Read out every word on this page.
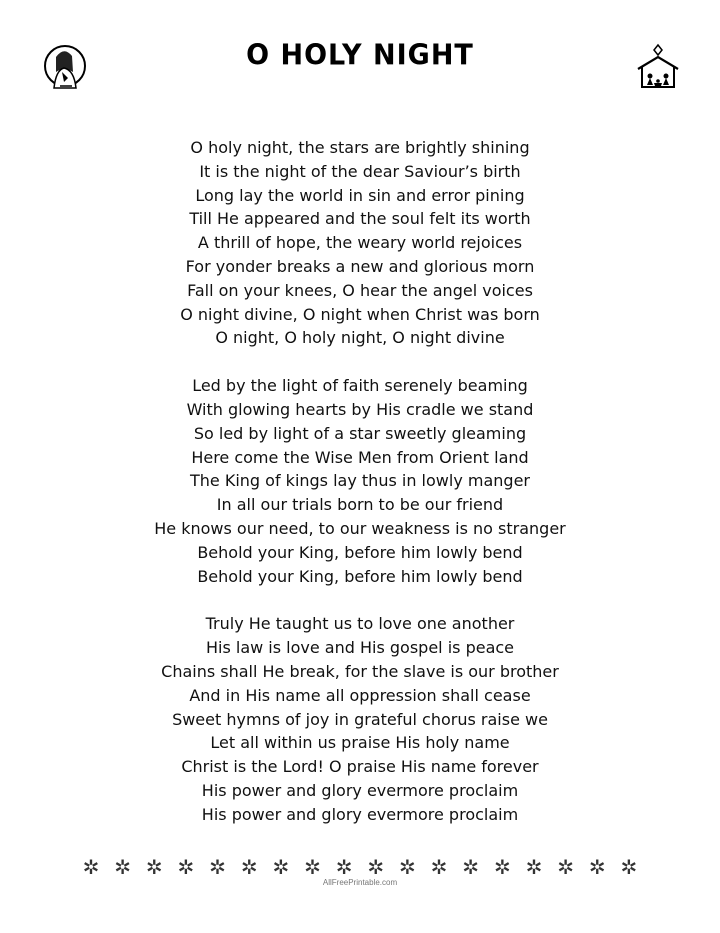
O HOLY NIGHT
O holy night, the stars are brightly shining
It is the night of the dear Saviour’s birth
Long lay the world in sin and error pining
Till He appeared and the soul felt its worth
A thrill of hope, the weary world rejoices
For yonder breaks a new and glorious morn
Fall on your knees, O hear the angel voices
O night divine, O night when Christ was born
O night, O holy night, O night divine
Led by the light of faith serenely beaming
With glowing hearts by His cradle we stand
So led by light of a star sweetly gleaming
Here come the Wise Men from Orient land
The King of kings lay thus in lowly manger
In all our trials born to be our friend
He knows our need, to our weakness is no stranger
Behold your King, before him lowly bend
Behold your King, before him lowly bend
Truly He taught us to love one another
His law is love and His gospel is peace
Chains shall He break, for the slave is our brother
And in His name all oppression shall cease
Sweet hymns of joy in grateful chorus raise we
Let all within us praise His holy name
Christ is the Lord! O praise His name forever
His power and glory evermore proclaim
His power and glory evermore proclaim
✲ ✲ ✲ ✲ ✲ ✲ ✲ ✲ ✲ ✲ ✲ ✲ ✲ ✲ ✲ ✲ ✲ ✲
AllFreePrintable.com
